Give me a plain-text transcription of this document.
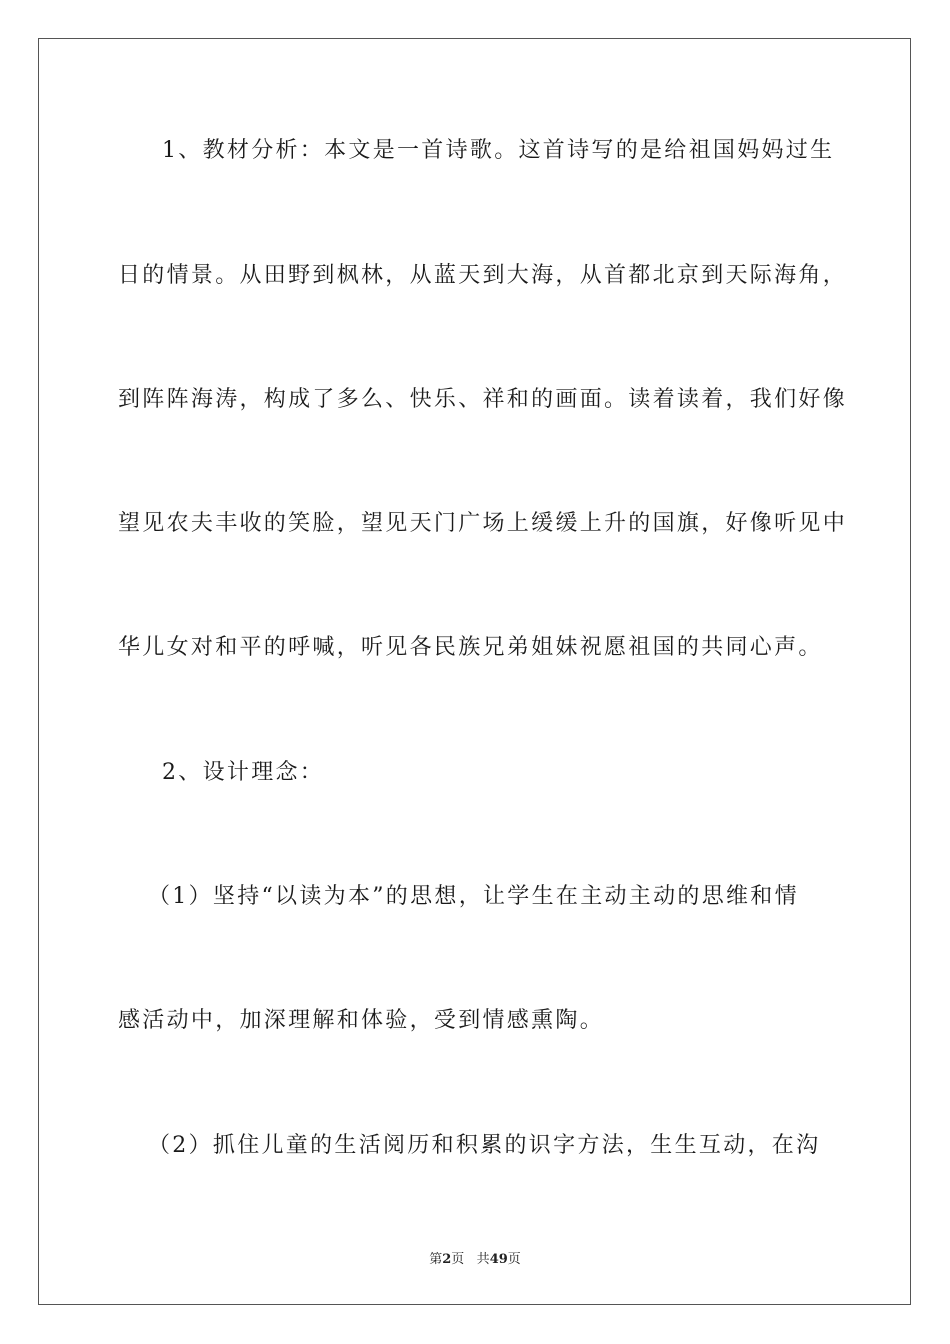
1、教材分析：本文是一首诗歌。这首诗写的是给祖国妈妈过生
日的情景。从田野到枫林，从蓝天到大海，从首都北京到天际海角，
到阵阵海涛，构成了多么、快乐、祥和的画面。读着读着，我们好像
望见农夫丰收的笑脸，望见天门广场上缓缓上升的国旗，好像听见中
华儿女对和平的呼喊，听见各民族兄弟姐妹祝愿祖国的共同心声。
2、设计理念：
（1）坚持“以读为本”的思想，让学生在主动主动的思维和情
感活动中，加深理解和体验，受到情感熏陶。
（2）抓住儿童的生活阅历和积累的识字方法，生生互动，在沟
第2页 共49页
